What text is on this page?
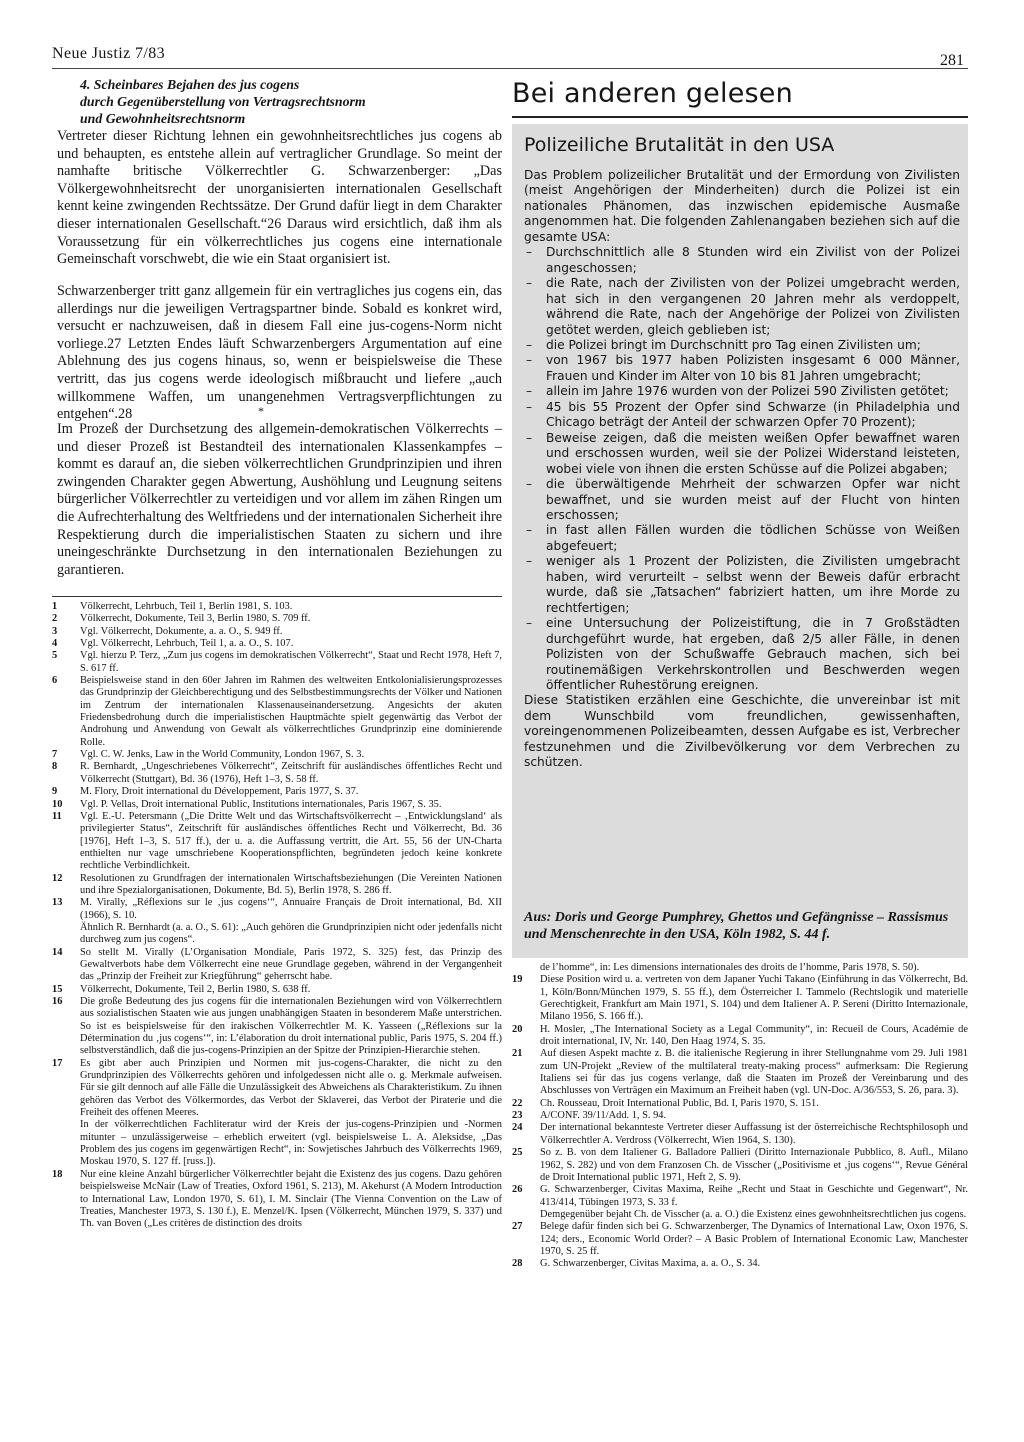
Neue Justiz 7/83	281
4. Scheinbares Bejahen des jus cogens
durch Gegenüberstellung von Vertragsrechtsnorm
und Gewohnheitsrechtsnorm
Vertreter dieser Richtung lehnen ein gewohnheitsrechtliches jus cogens ab und behaupten, es entstehe allein auf vertraglicher Grundlage. So meint der namhafte britische Völkerrechtler G. Schwarzenberger: „Das Völkergewohnheitsrecht der unorganisierten internationalen Gesellschaft kennt keine zwingenden Rechtssätze. Der Grund dafür liegt in dem Charakter dieser internationalen Gesellschaft.“26 Daraus wird ersichtlich, daß ihm als Voraussetzung für ein völkerrechtliches jus cogens eine internationale Gemeinschaft vorschwebt, die wie ein Staat organisiert ist.
Schwarzenberger tritt ganz allgemein für ein vertragliches jus cogens ein, das allerdings nur die jeweiligen Vertragspartner binde. Sobald es konkret wird, versucht er nachzuweisen, daß in diesem Fall eine jus-cogens-Norm nicht vorliege.27 Letzten Endes läuft Schwarzenbergers Argumentation auf eine Ablehnung des jus cogens hinaus, so, wenn er beispielsweise die These vertritt, das jus cogens werde ideologisch mißbraucht und liefere „auch willkommene Waffen, um unangenehmen Vertragsverpflichtungen zu entgehen“.28	*
Im Prozeß der Durchsetzung des allgemein-demokratischen Völkerrechts – und dieser Prozeß ist Bestandteil des internationalen Klassenkampfes – kommt es darauf an, die sieben völkerrechtlichen Grundprinzipien und ihren zwingenden Charakter gegen Abwertung, Aushöhlung und Leugnung seitens bürgerlicher Völkerrechtler zu verteidigen und vor allem im zähen Ringen um die Aufrechterhaltung des Weltfriedens und der internationalen Sicherheit ihre Respektierung durch die imperialistischen Staaten zu sichern und ihre uneingeschränkte Durchsetzung in den internationalen Beziehungen zu garantieren.
Bei anderen gelesen
Polizeiliche Brutalität in den USA

Das Problem polizeilicher Brutalität und der Ermordung von Zivilisten (meist Angehörigen der Minderheiten) durch die Polizei ist ein nationales Phänomen, das inzwischen epidemische Ausmaße angenommen hat. Die folgenden Zahlenangaben beziehen sich auf die gesamte USA:

– Durchschnittlich alle 8 Stunden wird ein Zivilist von der Polizei angeschossen;
– die Rate, nach der Zivilisten von der Polizei umgebracht werden, hat sich in den vergangenen 20 Jahren mehr als verdoppelt, während die Rate, nach der Angehörige der Polizei von Zivilisten getötet werden, gleich geblieben ist;
– die Polizei bringt im Durchschnitt pro Tag einen Zivilisten um;
– von 1967 bis 1977 haben Polizisten insgesamt 6 000 Männer, Frauen und Kinder im Alter von 10 bis 81 Jahren umgebracht;
– allein im Jahre 1976 wurden von der Polizei 590 Zivilisten getötet;
– 45 bis 55 Prozent der Opfer sind Schwarze (in Philadelphia und Chicago beträgt der Anteil der schwarzen Opfer 70 Prozent);
– Beweise zeigen, daß die meisten weißen Opfer bewaffnet waren und erschossen wurden, weil sie der Polizei Widerstand leisteten, wobei viele von ihnen die ersten Schüsse auf die Polizei abgaben;
– die überwältigende Mehrheit der schwarzen Opfer war nicht bewaffnet, und sie wurden meist auf der Flucht von hinten erschossen;
– in fast allen Fällen wurden die tödlichen Schüsse von Weißen abgefeuert;
– weniger als 1 Prozent der Polizisten, die Zivilisten umgebracht haben, wird verurteilt – selbst wenn der Beweis dafür erbracht wurde, daß sie „Tatsachen“ fabriziert hatten, um ihre Morde zu rechtfertigen;
– eine Untersuchung der Polizeistiftung, die in 7 Großstädten durchgeführt wurde, hat ergeben, daß 2/5 aller Fälle, in denen Polizisten von der Schußwaffe Gebrauch machen, sich bei routinemäßigen Verkehrskontrollen und Beschwerden wegen öffentlicher Ruhestörung ereignen.

Diese Statistiken erzählen eine Geschichte, die unvereinbar ist mit dem Wunschbild vom freundlichen, gewissenhaften, voreingenommenen Polizeibeamten, dessen Aufgabe es ist, Verbrecher festzunehmen und die Zivilbevölkerung vor dem Verbrechen zu schützen.

Aus: Doris und George Pumphrey, Ghettos und Gefängnisse – Rassismus und Menschenrechte in den USA, Köln 1982, S. 44 f.
1	Völkerrecht, Lehrbuch, Teil 1, Berlin 1981, S. 103.
2	Völkerrecht, Dokumente, Teil 3, Berlin 1980, S. 709 ff.
3	Vgl. Völkerrecht, Dokumente, a. a. O., S. 949 ff.
4	Vgl. Völkerrecht, Lehrbuch, Teil 1, a. a. O., S. 107.
5	Vgl. hierzu P. Terz, „Zum jus cogens im demokratischen Völkerrecht“, Staat und Recht 1978, Heft 7, S. 617 ff.
6	Beispielsweise stand in den 60er Jahren im Rahmen des weltweiten Entkolonialisierungsprozesses das Grundprinzip der Gleichberechtigung und des Selbstbestimmungsrechts der Völker und Nationen im Zentrum der internationalen Klassenauseinandersetzung. Angesichts der akuten Friedensbedrohung durch die imperialistischen Hauptmächte spielt gegenwärtig das Verbot der Androhung und Anwendung von Gewalt als völkerrechtliches Grundprinzip eine dominierende Rolle.
7	Vgl. C. W. Jenks, Law in the World Community, London 1967, S. 3.
8	R. Bernhardt, „Ungeschriebenes Völkerrecht“, Zeitschrift für ausländisches öffentliches Recht und Völkerrecht (Stuttgart), Bd. 36 (1976), Heft 1–3, S. 58 ff.
9	M. Flory, Droit international du Développement, Paris 1977, S. 37.
10	Vgl. P. Vellas, Droit international Public, Institutions internationales, Paris 1967, S. 35.
11	Vgl. E.-U. Petersmann („Die Dritte Welt und das Wirtschaftsvölkerrecht – ‚Entwicklungsland‘ als privilegierter Status“, Zeitschrift für ausländisches öffentliches Recht und Völkerrecht, Bd. 36 [1976], Heft 1–3, S. 517 ff.), der u. a. die Auffassung vertritt, die Art. 55, 56 der UN-Charta enthielten nur vage umschriebene Kooperationspflichten, begründeten jedoch keine konkrete rechtliche Verbindlichkeit.
12	Resolutionen zu Grundfragen der internationalen Wirtschaftsbeziehungen (Die Vereinten Nationen und ihre Spezialorganisationen, Dokumente, Bd. 5), Berlin 1978, S. 286 ff.
13	M. Virally, „Réflexions sur le ‚jus cogens‘“, Annuaire Français de Droit international, Bd. XII (1966), S. 10.
Ähnlich R. Bernhardt (a. a. O., S. 61): „Auch gehören die Grundprinzipien nicht oder jedenfalls nicht durchweg zum jus cogens“.
14	So stellt M. Virally (L’Organisation Mondiale, Paris 1972, S. 325) fest, das Prinzip des Gewaltverbots habe dem Völkerrecht eine neue Grundlage gegeben, während in der Vergangenheit das „Prinzip der Freiheit zur Kriegführung“ geherrscht habe.
15	Völkerrecht, Dokumente, Teil 2, Berlin 1980, S. 638 ff.
16	Die große Bedeutung des jus cogens für die internationalen Beziehungen wird von Völkerrechtlern aus sozialistischen Staaten wie aus jungen unabhängigen Staaten in besonderem Maße unterstrichen. So ist es beispielsweise für den irakischen Völkerrechtler M. K. Yasseen („Réflexions sur la Détermination du ‚jus cogens‘“, in: L’élaboration du droit international public, Paris 1975, S. 204 ff.) selbstverständlich, daß die jus-cogens-Prinzipien an der Spitze der Prinzipien-Hierarchie stehen.
17	Es gibt aber auch Prinzipien und Normen mit jus-cogens-Charakter, die nicht zu den Grundprinzipien des Völkerrechts gehören und infolgedessen nicht alle o. g. Merkmale aufweisen. Für sie gilt dennoch auf alle Fälle die Unzulässigkeit des Abweichens als Charakteristikum. Zu ihnen gehören das Verbot des Völkermordes, das Verbot der Sklaverei, das Verbot der Piraterie und die Freiheit des offenen Meeres.
In der völkerrechtlichen Fachliteratur wird der Kreis der jus-cogens-Prinzipien und -Normen mitunter – unzulässigerweise – erheblich erweitert (vgl. beispielsweise L. A. Aleksidse, „Das Problem des jus cogens im gegenwärtigen Recht“, in: Sowjetisches Jahrbuch des Völkerrechts 1969, Moskau 1970, S. 127 ff. [russ.]).
18	Nur eine kleine Anzahl bürgerlicher Völkerrechtler bejaht die Existenz des jus cogens. Dazu gehören beispielsweise McNair (Law of Treaties, Oxford 1961, S. 213), M. Akehurst (A Modern Introduction to International Law, London 1970, S. 61), I. M. Sinclair (The Vienna Convention on the Law of Treaties, Manchester 1973, S. 130 f.), E. Menzel/K. Ipsen (Völkerrecht, München 1979, S. 337) und Th. van Boven („Les critères de distinction des droits
de l’homme“, in: Les dimensions internationales des droits de l’homme, Paris 1978, S. 50).
19	Diese Position wird u. a. vertreten von dem Japaner Yuchi Takano (Einführung in das Völkerrecht, Bd. 1, Köln/Bonn/München 1979, S. 55 ff.), dem Österreicher I. Tammelo (Rechtslogik und materielle Gerechtigkeit, Frankfurt am Main 1971, S. 104) und dem Italiener A. P. Sereni (Diritto Internazionale, Milano 1956, S. 166 ff.).
20	H. Mosler, „The International Society as a Legal Community“, in: Recueil de Cours, Académie de droit international, IV, Nr. 140, Den Haag 1974, S. 35.
21	Auf diesen Aspekt machte z. B. die italienische Regierung in ihrer Stellungnahme vom 29. Juli 1981 zum UN-Projekt „Review of the multilateral treaty-making process“ aufmerksam: Die Regierung Italiens sei für das jus cogens verlange, daß die Staaten im Prozeß der Vereinbarung und des Abschlusses von Verträgen ein Maximum an Freiheit haben (vgl. UN-Doc. A/36/553, S. 26, para. 3).
22	Ch. Rousseau, Droit International Public, Bd. I, Paris 1970, S. 151.
23	A/CONF. 39/11/Add. 1, S. 94.
24	Der international bekannteste Vertreter dieser Auffassung ist der österreichische Rechtsphilosoph und Völkerrechtler A. Verdross (Völkerrecht, Wien 1964, S. 130).
25	So z. B. von dem Italiener G. Balladore Pallieri (Diritto Internazionale Pubblico, 8. Aufl., Milano 1962, S. 282) und von dem Franzosen Ch. de Visscher („Positivisme et ‚jus cogens‘“, Revue Général de Droit International public 1971, Heft 2, S. 9).
26	G. Schwarzenberger, Civitas Maxima, Reihe „Recht und Staat in Geschichte und Gegenwart“, Nr. 413/414, Tübingen 1973, S. 33 f.
Demgegenüber bejaht Ch. de Visscher (a. a. O.) die Existenz eines gewohnheitsrechtlichen jus cogens.
27	Belege dafür finden sich bei G. Schwarzenberger, The Dynamics of International Law, Oxon 1976, S. 124; ders., Economic World Order? – A Basic Problem of International Economic Law, Manchester 1970, S. 25 ff.
28	G. Schwarzenberger, Civitas Maxima, a. a. O., S. 34.
